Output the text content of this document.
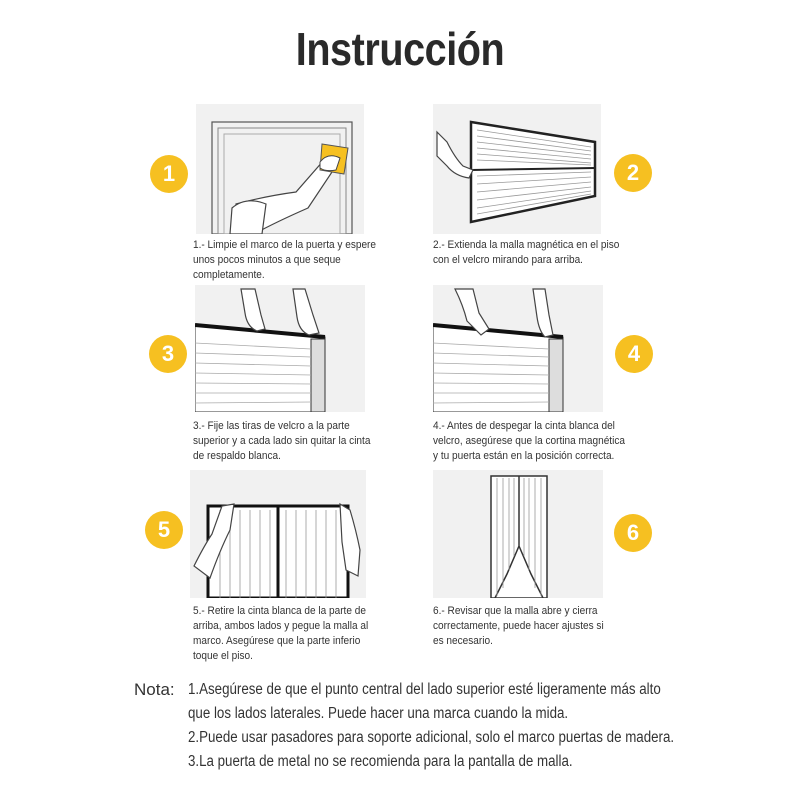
Instrucción
1
1.- Limpie el marco de la puerta y espere
unos pocos minutos a que seque
completamente.
2
2.- Extienda la malla magnética en el piso
con el velcro mirando para arriba.
3
3.- Fije las tiras de velcro a la parte
superior y a cada lado sin quitar la cinta
de respaldo blanca.
4
4.- Antes de despegar la cinta blanca del
velcro, asegúrese que la cortina magnética
y tu puerta están en la posición correcta.
5
5.- Retire la cinta blanca de la parte de
arriba, ambos lados y pegue la malla al
marco. Asegúrese que la parte inferio
toque el piso.
6
6.- Revisar que la malla abre y cierra
correctamente, puede hacer ajustes si
es necesario.
Nota: 1.Asegúrese de que el punto central del lado superior esté ligeramente más alto
que los lados laterales. Puede hacer una marca cuando la mida.
2.Puede usar pasadores para soporte adicional, solo el marco puertas de madera.
3.La puerta de metal no se recomienda para la pantalla de malla.
